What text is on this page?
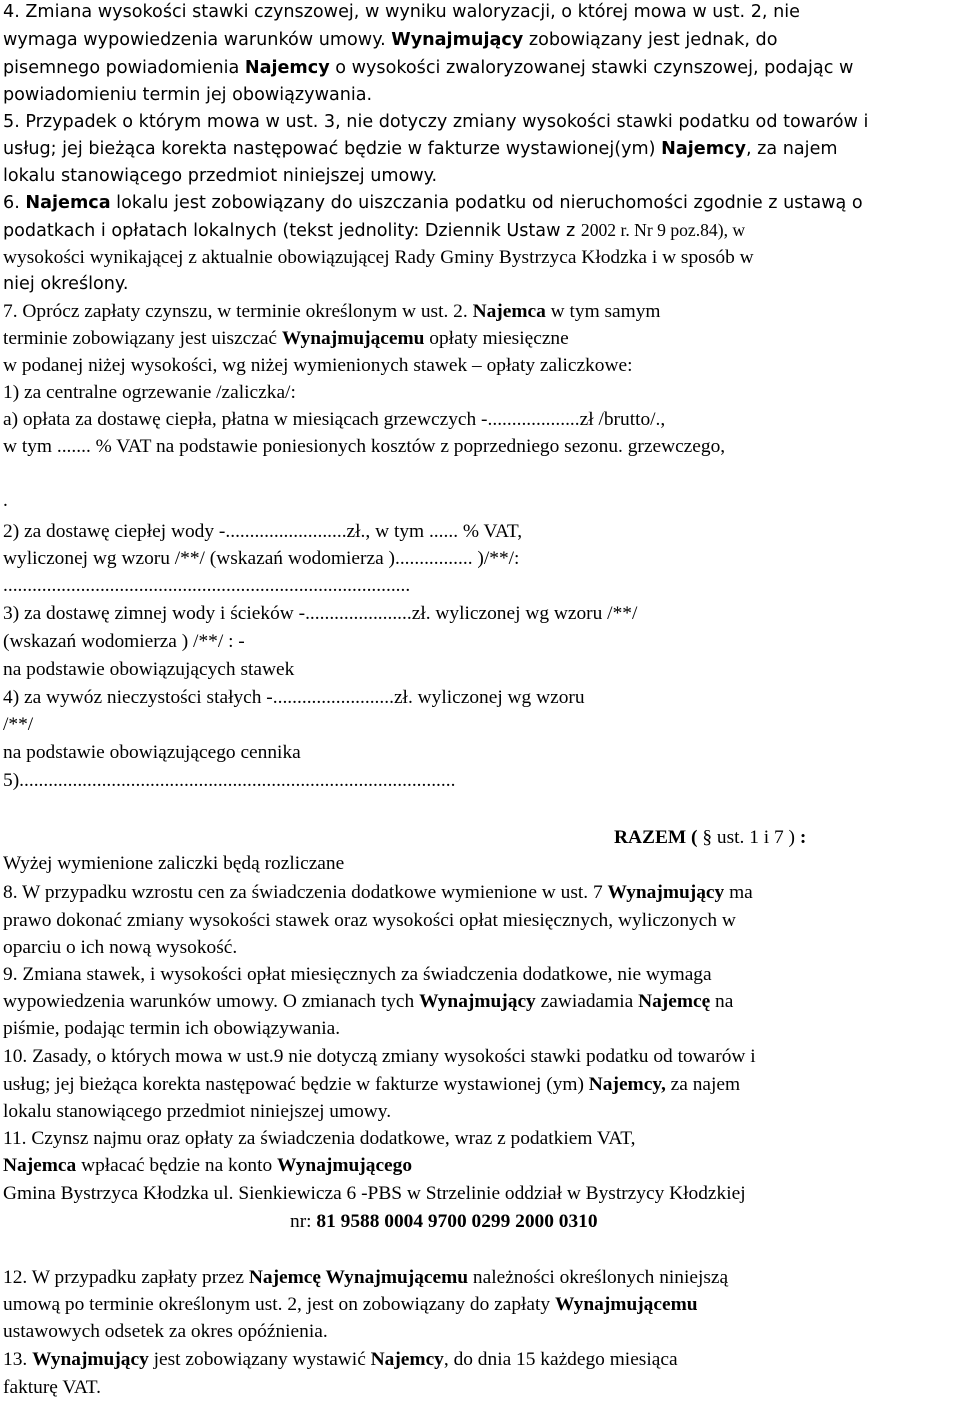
4. Zmiana wysokości stawki czynszowej, w wyniku waloryzacji, o której mowa w ust. 2, nie
wymaga wypowiedzenia warunków umowy. Wynajmujący zobowiązany jest jednak, do
pisemnego powiadomienia Najemcy o wysokości zwaloryzowanej stawki czynszowej, podając w
powiadomieniu termin jej obowiązywania.
5. Przypadek o którym mowa w ust. 3, nie dotyczy zmiany wysokości stawki podatku od towarów i
usług; jej bieżąca korekta następować będzie w fakturze wystawionej(ym) Najemcy, za najem
lokalu stanowiącego przedmiot niniejszej umowy.
6. Najemca lokalu jest zobowiązany do uiszczania podatku od nieruchomości zgodnie z ustawą o
podatkach i opłatach lokalnych (tekst jednolity: Dziennik Ustaw z 2002 r. Nr 9 poz.84), w
wysokości wynikającej z aktualnie obowiązującej Rady Gminy Bystrzyca Kłodzka i w sposób w
niej określony.
7. Oprócz zapłaty czynszu, w terminie określonym w ust. 2. Najemca w tym samym
terminie zobowiązany jest uiszczać Wynajmującemu opłaty miesięczne
w podanej niżej wysokości, wg niżej wymienionych stawek – opłaty zaliczkowe:
1) za centralne ogrzewanie /zaliczka/:
a) opłata za dostawę ciepła, płatna w miesiącach grzewczych -...................zł /brutto/.,
w tym ....... % VAT na podstawie poniesionych kosztów z poprzedniego sezonu. grzewczego,
.
2) za dostawę ciepłej wody -.........................zł., w tym ...... % VAT,
wyliczonej wg wzoru /**/ (wskazań wodomierza )................ )/**/:
....................................................................................
3) za dostawę zimnej wody i ścieków -......................zł. wyliczonej wg wzoru /**/
(wskazań wodomierza ) /**/ : -
na podstawie obowiązujących stawek
4) za wywóz nieczystości stałych -.........................zł. wyliczonej wg wzoru
/**/
na podstawie obowiązującego cennika
5)..........................................................................................
RAZEM ( § ust. 1 i 7 ) :
Wyżej wymienione zaliczki będą rozliczane
8. W przypadku wzrostu cen za świadczenia dodatkowe wymienione w ust. 7 Wynajmujący ma
prawo dokonać zmiany wysokości stawek oraz wysokości opłat miesięcznych, wyliczonych w
oparciu o ich nową wysokość.
9. Zmiana stawek, i wysokości opłat miesięcznych za świadczenia dodatkowe, nie wymaga
wypowiedzenia warunków umowy. O zmianach tych Wynajmujący zawiadamia Najemcę na
piśmie, podając termin ich obowiązywania.
10. Zasady, o których mowa w ust.9 nie dotyczą zmiany wysokości stawki podatku od towarów i
usług; jej bieżąca korekta następować będzie w fakturze wystawionej (ym) Najemcy, za najem
lokalu stanowiącego przedmiot niniejszej umowy.
11. Czynsz najmu oraz opłaty za świadczenia dodatkowe, wraz z podatkiem VAT,
Najemca wpłacać będzie na konto Wynajmującego
Gmina Bystrzyca Kłodzka ul. Sienkiewicza 6 -PBS w Strzelinie oddział w Bystrzycy Kłodzkiej
nr: 81 9588 0004 9700 0299 2000 0310
12. W przypadku zapłaty przez Najemcę Wynajmującemu należności określonych niniejszą
umową po terminie określonym ust. 2, jest on zobowiązany do zapłaty Wynajmującemu
ustawowych odsetek za okres opóźnienia.
13. Wynajmujący jest zobowiązany wystawić Najemcy, do dnia 15 każdego miesiąca
fakturę VAT.
